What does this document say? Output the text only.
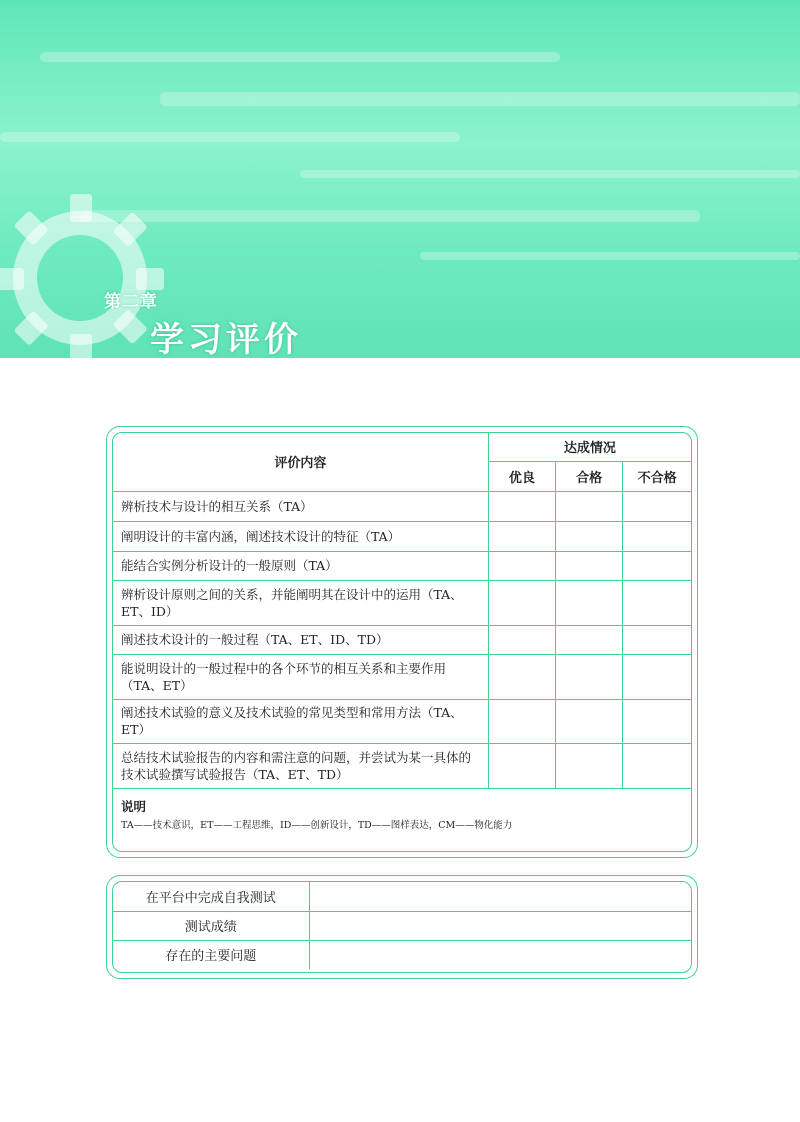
第二章
学习评价
评价内容	达成情况		
	优良	合格	不合格
辨析技术与设计的相互关系（TA）			
阐明设计的丰富内涵，阐述技术设计的特征（TA）			
能结合实例分析设计的一般原则（TA）			
辨析设计原则之间的关系，并能阐明其在设计中的运用（TA、ET、ID）			
阐述技术设计的一般过程（TA、ET、ID、TD）			
能说明设计的一般过程中的各个环节的相互关系和主要作用（TA、ET）			
阐述技术试验的意义及技术试验的常见类型和常用方法（TA、ET）			
总结技术试验报告的内容和需注意的问题，并尝试为某一具体的技术试验撰写试验报告（TA、ET、TD）			

说明
TA——技术意识，ET——工程思维，ID——创新设计，TD——图样表达，CM——物化能力			
在平台中完成自我测试	
测试成绩	
存在的主要问题	
